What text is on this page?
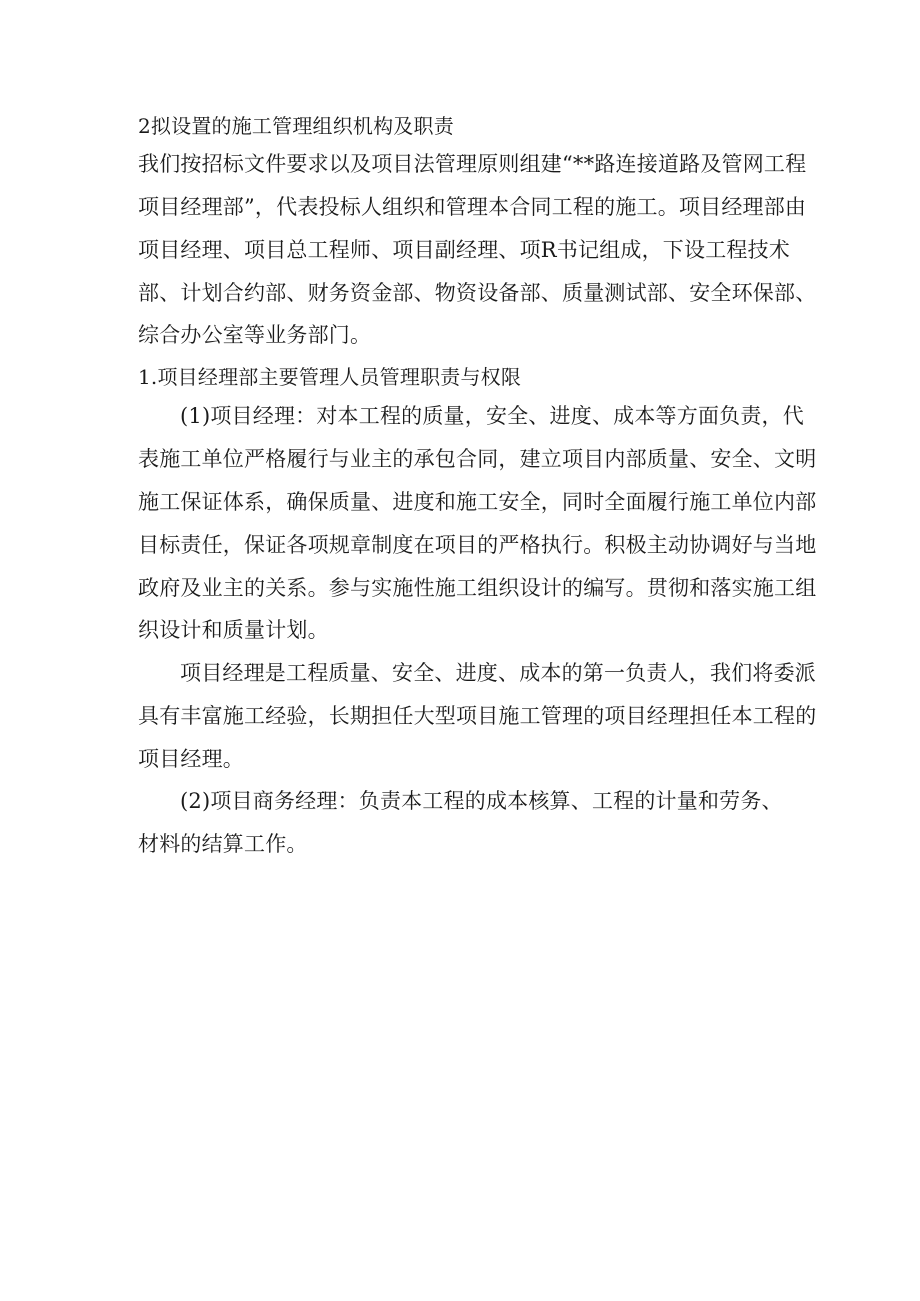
2拟设置的施工管理组织机构及职责
我们按招标文件要求以及项目法管理原则组建“**路连接道路及管网工程
项目经理部”，代表投标人组织和管理本合同工程的施工。项目经理部由
项目经理、项目总工程师、项目副经理、项R书记组成，下设工程技术
部、计划合约部、财务资金部、物资设备部、质量测试部、安全环保部、
综合办公室等业务部门。
1.项目经理部主要管理人员管理职责与权限
(1)项目经理：对本工程的质量，安全、进度、成本等方面负责，代
表施工单位严格履行与业主的承包合同，建立项目内部质量、安全、文明
施工保证体系，确保质量、进度和施工安全，同时全面履行施工单位内部
目标责任，保证各项规章制度在项目的严格执行。积极主动协调好与当地
政府及业主的关系。参与实施性施工组织设计的编写。贯彻和落实施工组
织设计和质量计划。
项目经理是工程质量、安全、进度、成本的第一负责人，我们将委派
具有丰富施工经验，长期担任大型项目施工管理的项目经理担任本工程的
项目经理。
(2)项目商务经理：负责本工程的成本核算、工程的计量和劳务、
材料的结算工作。
